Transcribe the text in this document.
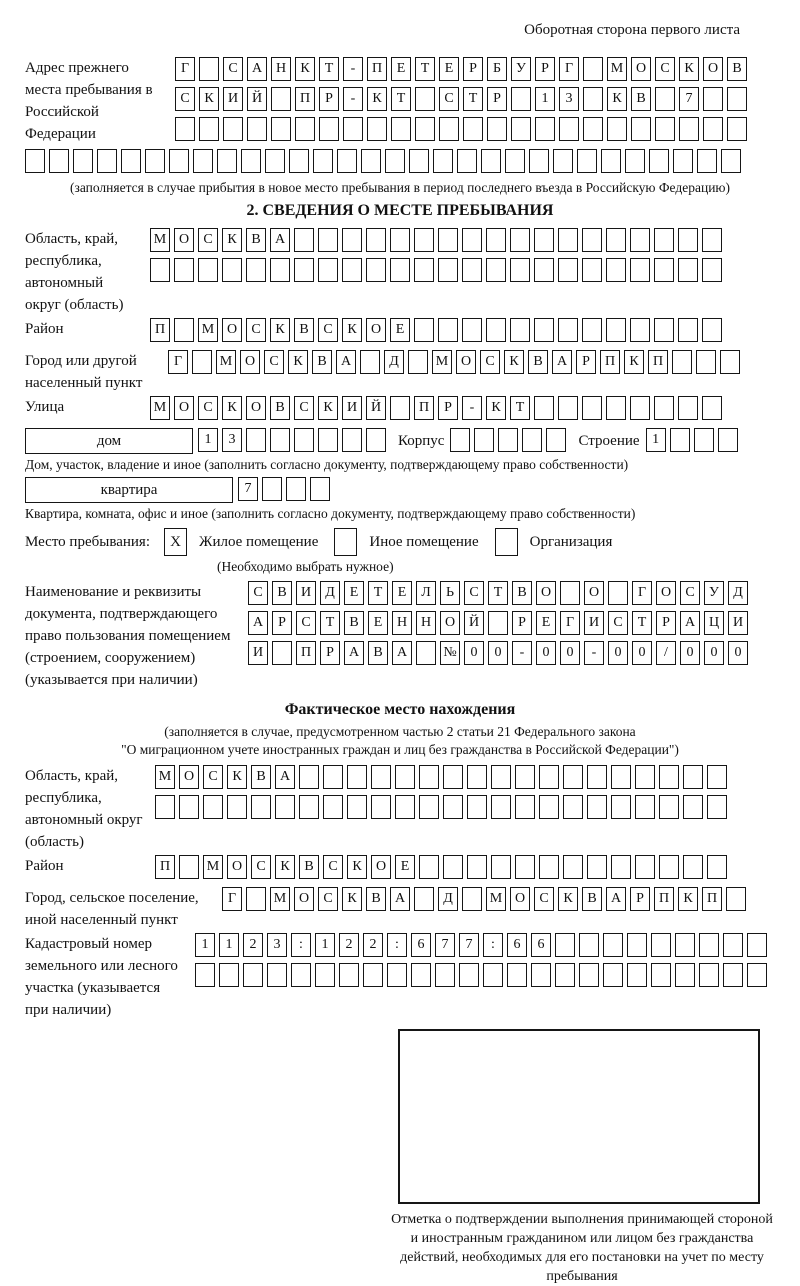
Оборотная сторона первого листа
Адрес прежнего места пребывания в Российской Федерации
Г	С	А Н	К	Т	-	П	Е	Т	Е	Р	Б	У	Р	Г	М О	С	К	О	В
С	К	И Й	П	Р	-	К	Т	С	Т	Р	1	3	К	В	7
(заполняется в случае прибытия в новое место пребывания в период последнего въезда в Российскую Федерацию)
2. СВЕДЕНИЯ О МЕСТЕ ПРЕБЫВАНИЯ
Область, край, республика, автономный округ (область)
М О	С	К	В	А
Район	П	М О	С	К	В	С	К	О	Е
Город или другой населенный пункт
Г	М О	С	К	В	А	Д	М О	С	К	В	А	Р	П	К	П
Улица	М О	С	К	О	В	С	К	И Й	П	Р	-	К	Т
дом	1	3	Корпус	Строение 1
Дом, участок, владение и иное (заполнить согласно документу, подтверждающему право собственности)
квартира	7
Квартира, комната, офис и иное (заполнить согласно документу, подтверждающему право собственности)
Место пребывания:	X	Жилое помещение	Иное помещение	Организация
(Необходимо выбрать нужное)
Наименование и реквизиты документа, подтверждающего право пользования помещением (строением, сооружением) (указывается при наличии)
С	В	И	Д	Е	Т	Е	Л	Ь	С	Т	В	О	О	Г	О	С	У	Д
А	Р	С	Т	В	Е	Н Н О Й	Р	Е	Г	И	С	Т	Р	А Ц И
И	П	Р	А	В	А	№ 0	0	-	0	0	-	0	0	/	0	0	0
Фактическое место нахождения
(заполняется в случае, предусмотренном частью 2 статьи 21 Федерального закона
"О миграционном учете иностранных граждан и лиц без гражданства в Российской Федерации")
Область, край, республика, автономный округ (область)
М О	С	К	В	А
Район	П	М О	С	К	В	С	К	О	Е
Город, сельское поселение, иной населенный пункт
Г	М О	С	К	В	А	Д	М О	С	К	В	А	Р	П	К	П
Кадастровый номер земельного или лесного участка (указывается при наличии)
1	1	2	3	:	1	2	2	:	6	7	7	:	6	6
Отметка о подтверждении выполнения принимающей стороной и иностранным гражданином или лицом без гражданства действий, необходимых для его постановки на учет по месту пребывания
